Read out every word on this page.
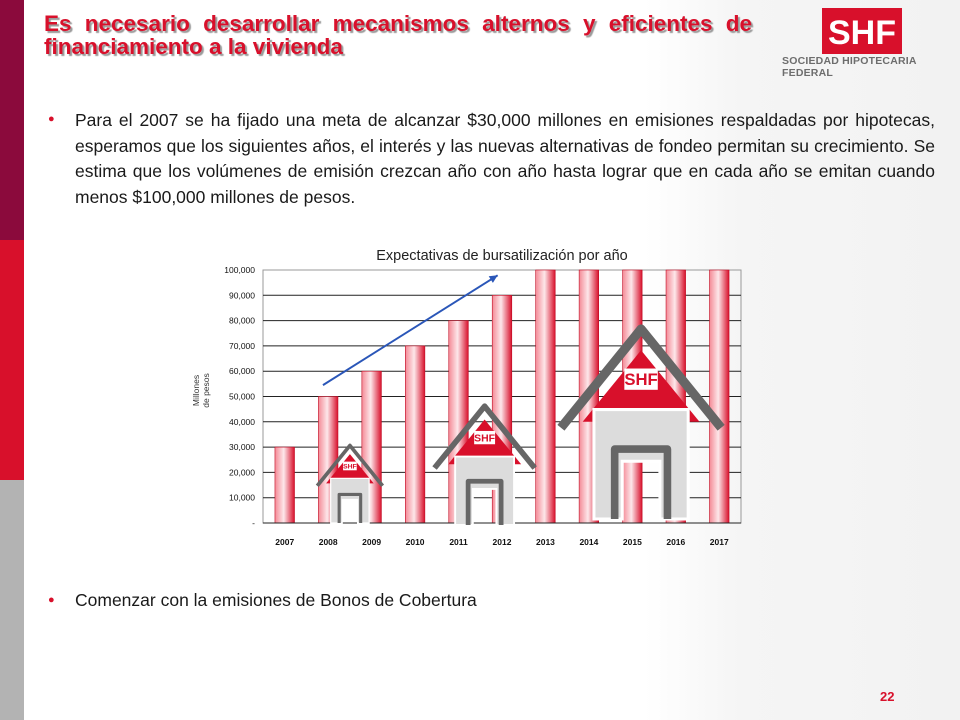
Es necesario desarrollar mecanismos alternos y eficientes de financiamiento a la vivienda	SHF
SOCIEDAD HIPOTECARIA FEDERAL
● Para el 2007 se ha fijado una meta de alcanzar $30,000 millones en emisiones respaldadas por hipotecas, esperamos que los siguientes años, el interés y las nuevas alternativas de fondeo permitan su crecimiento. Se estima que los volúmenes de emisión crezcan año con año hasta lograr que en cada año se emitan cuando menos $100,000 millones de pesos.

Expectativas de bursatilización por año
-
10,000
20,000
30,000
40,000
50,000
60,000
70,000
80,000
90,000
100,000
Millonesde pesos
2007	2008	2009	2010	2011	2012	2013	2014	2015	2016	2017
SHF
SHF
SHF
● Comenzar con la emisiones de Bonos de Cobertura

22
